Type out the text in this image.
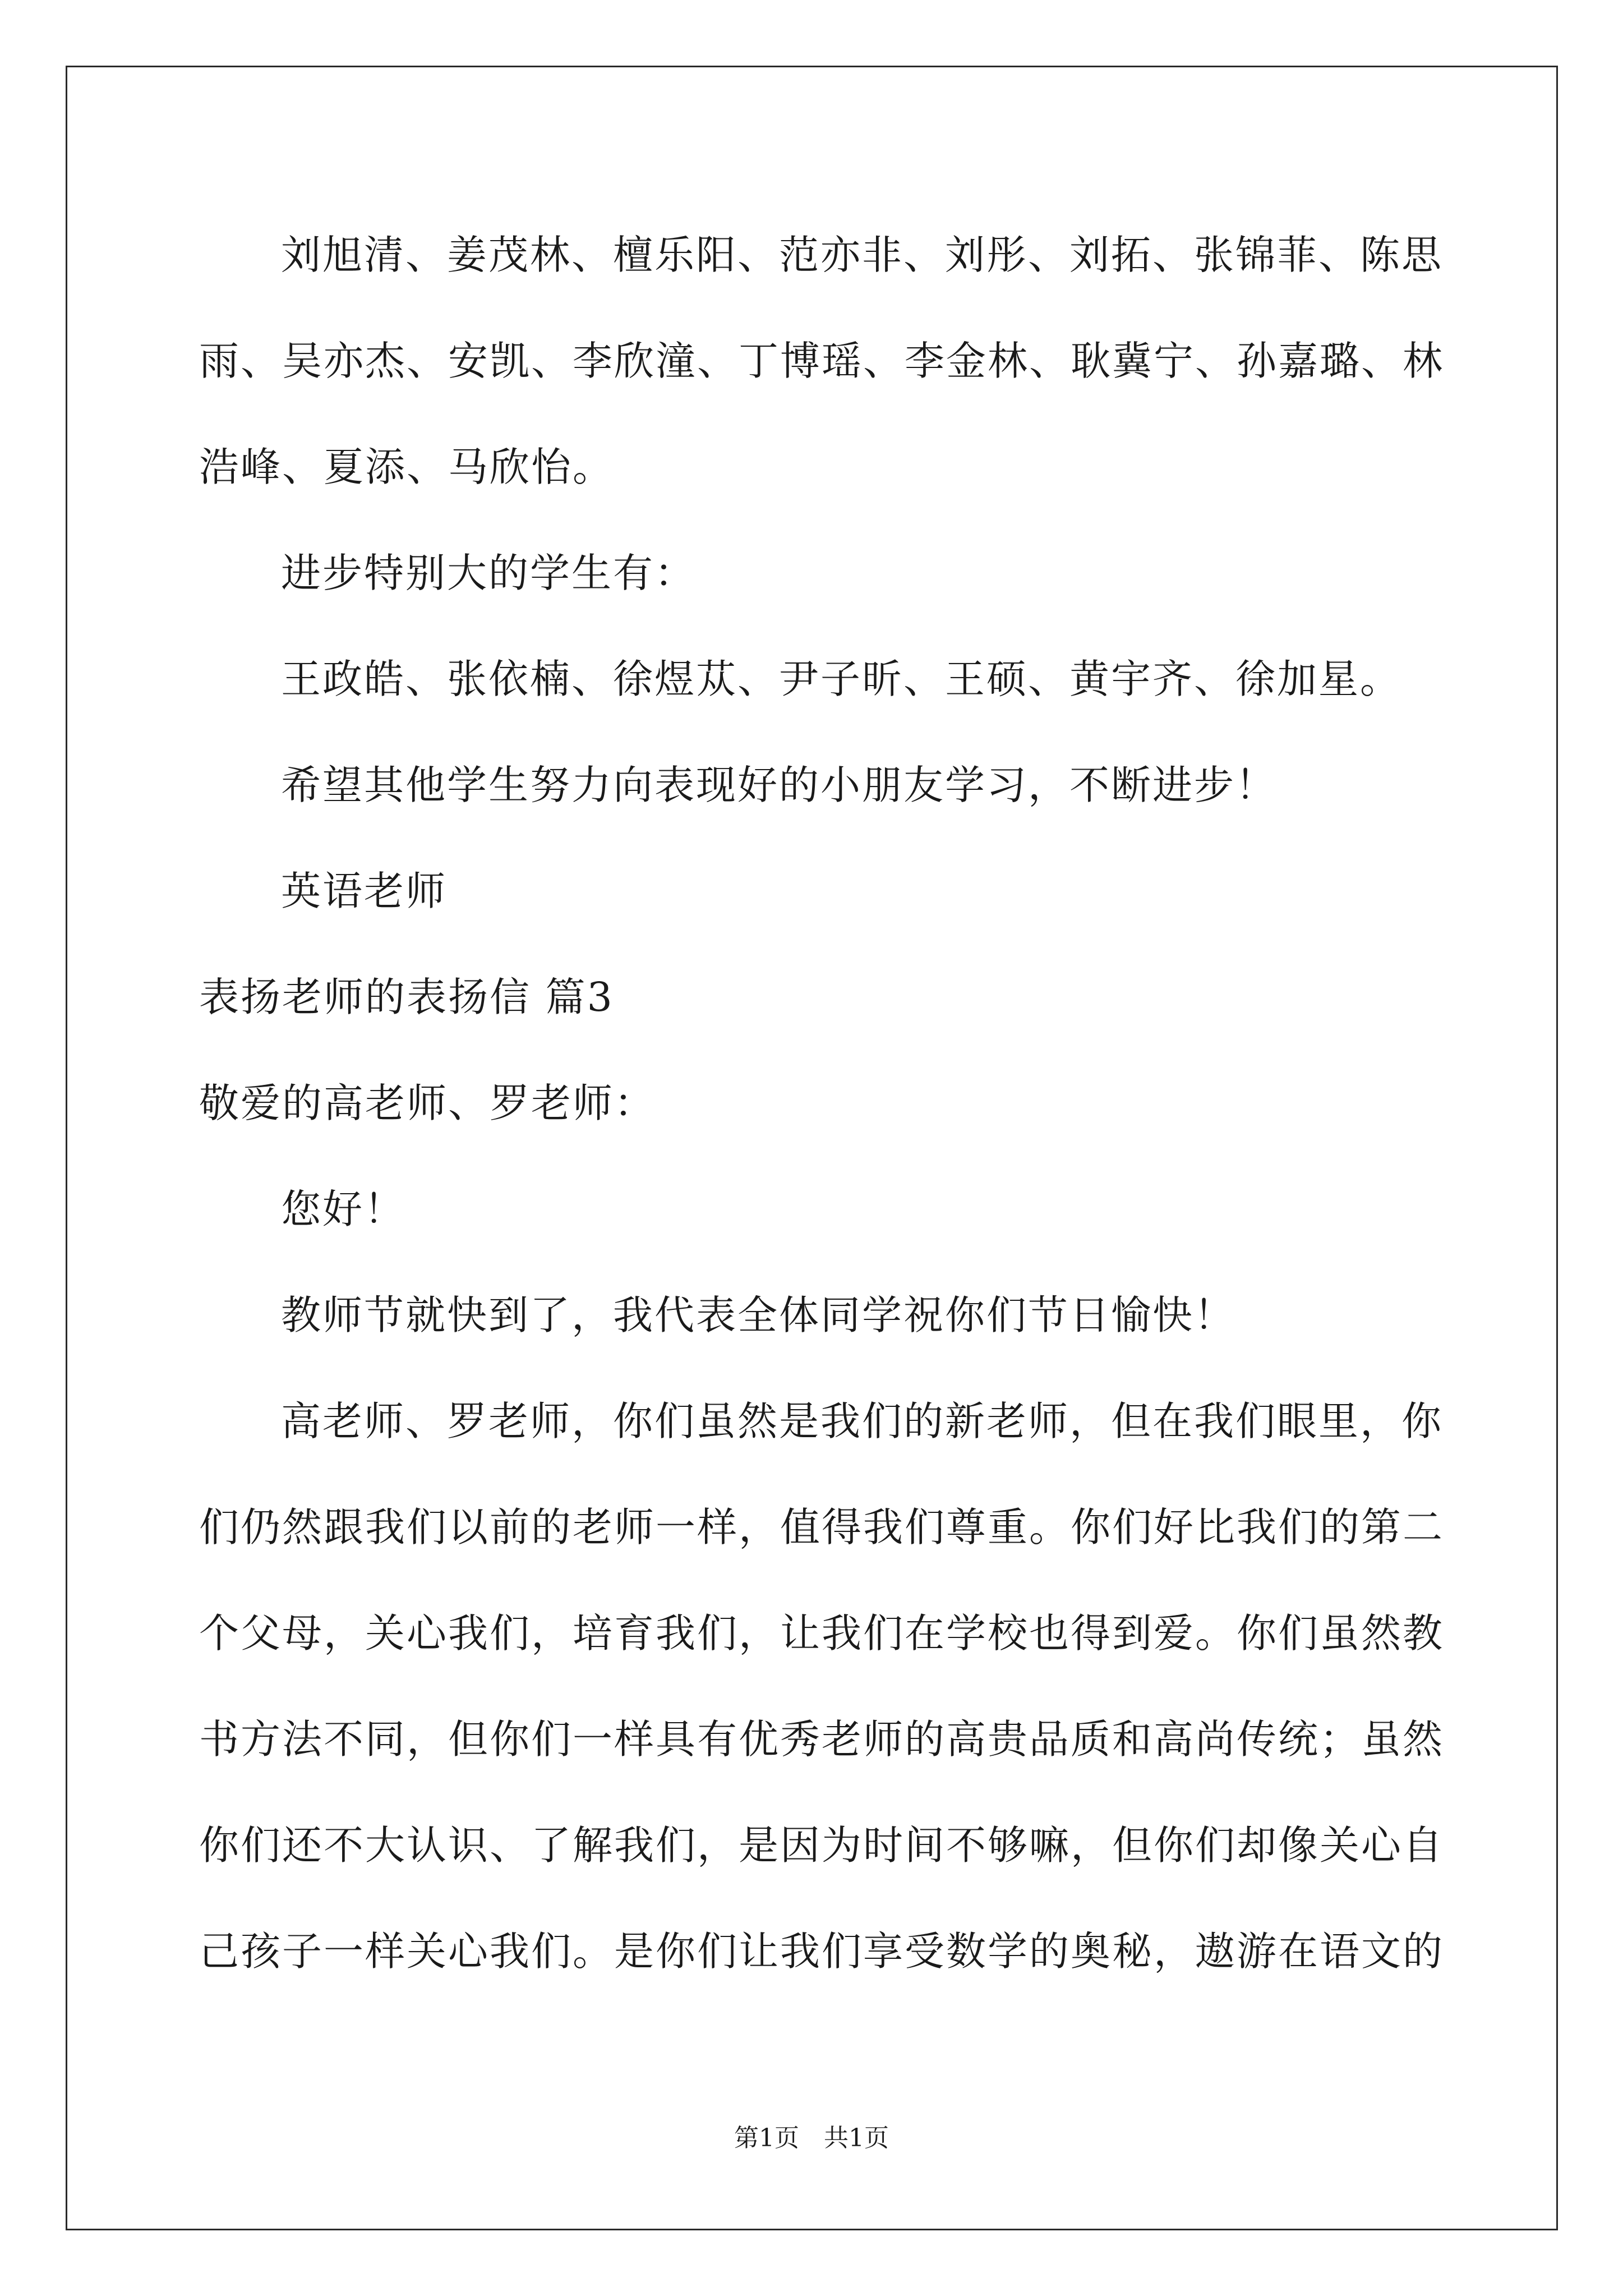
刘旭清、姜茂林、檀乐阳、范亦非、刘彤、刘拓、张锦菲、陈思
雨、吴亦杰、安凯、李欣潼、丁博瑶、李金林、耿冀宁、孙嘉璐、林
浩峰、夏添、马欣怡。
进步特别大的学生有：
王政皓、张依楠、徐煜苁、尹子昕、王硕、黄宇齐、徐加星。
希望其他学生努力向表现好的小朋友学习，不断进步！
英语老师
表扬老师的表扬信 篇3
敬爱的高老师、罗老师：
您好！
教师节就快到了，我代表全体同学祝你们节日愉快！
高老师、罗老师，你们虽然是我们的新老师，但在我们眼里，你
们仍然跟我们以前的老师一样，值得我们尊重。你们好比我们的第二
个父母，关心我们，培育我们，让我们在学校也得到爱。你们虽然教
书方法不同，但你们一样具有优秀老师的高贵品质和高尚传统；虽然
你们还不大认识、了解我们，是因为时间不够嘛，但你们却像关心自
己孩子一样关心我们。是你们让我们享受数学的奥秘，遨游在语文的
第1页　共1页
